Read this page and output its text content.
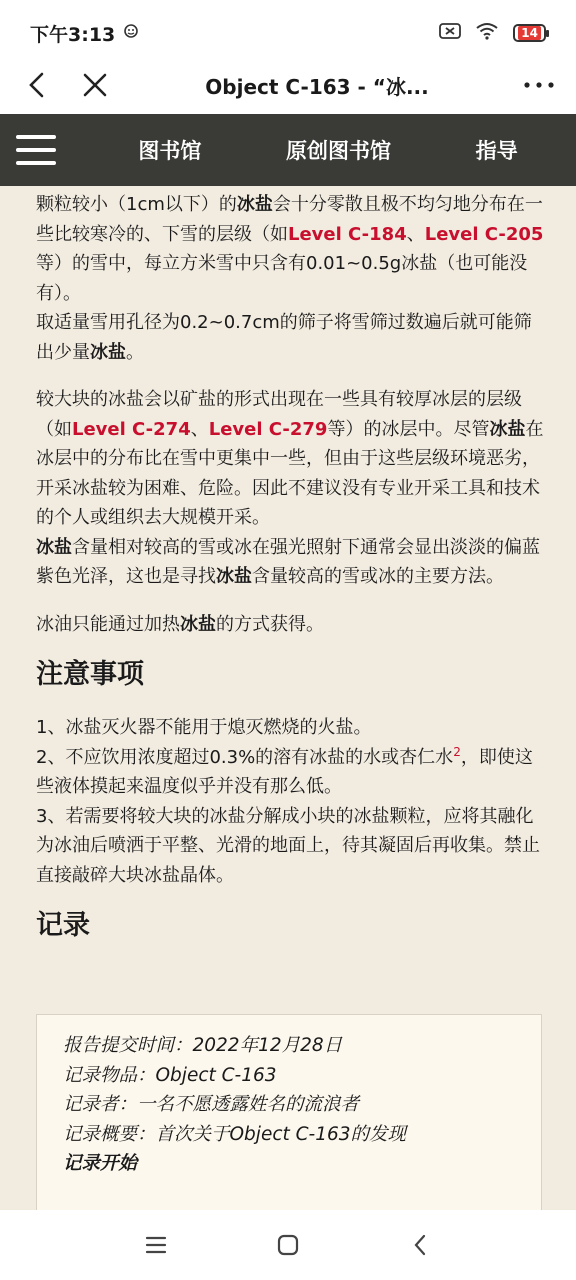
下午3:13	14
Object C-163 - “冰...
图书馆	原创图书馆	指导

颗粒较小（1cm以下）的冰盐会十分零散且极不均匀地分布在一些比较寒冷的、下雪的层级（如Level C-184、Level C-205等）的雪中，每立方米雪中只含有0.01~0.5g冰盐（也可能没有）。

取适量雪用孔径为0.2~0.7cm的筛子将雪筛过数遍后就可能筛出少量冰盐。

较大块的冰盐会以矿盐的形式出现在一些具有较厚冰层的层级（如Level C-274、Level C-279等）的冰层中。尽管冰盐在冰层中的分布比在雪中更集中一些，但由于这些层级环境恶劣，开采冰盐较为困难、危险。因此不建议没有专业开采工具和技术的个人或组织去大规模开采。

冰盐含量相对较高的雪或冰在强光照射下通常会显出淡淡的偏蓝紫色光泽，这也是寻找冰盐含量较高的雪或冰的主要方法。

冰油只能通过加热冰盐的方式获得。

注意事项

1、冰盐灭火器不能用于熄灭燃烧的火盐。

2、不应饮用浓度超过0.3%的溶有冰盐的水或杏仁水$^2$，即使这些液体摸起来温度似乎并没有那么低。

3、若需要将较大块的冰盐分解成小块的冰盐颗粒，应将其融化为冰油后喷洒于平整、光滑的地面上，待其凝固后再收集。禁止直接敲碎大块冰盐晶体。

记录
报告提交时间：2022年12月28日
记录物品：Object C-163
记录者：一名不愿透露姓名的流浪者
记录概要：首次关于Object C-163的发现
记录开始
